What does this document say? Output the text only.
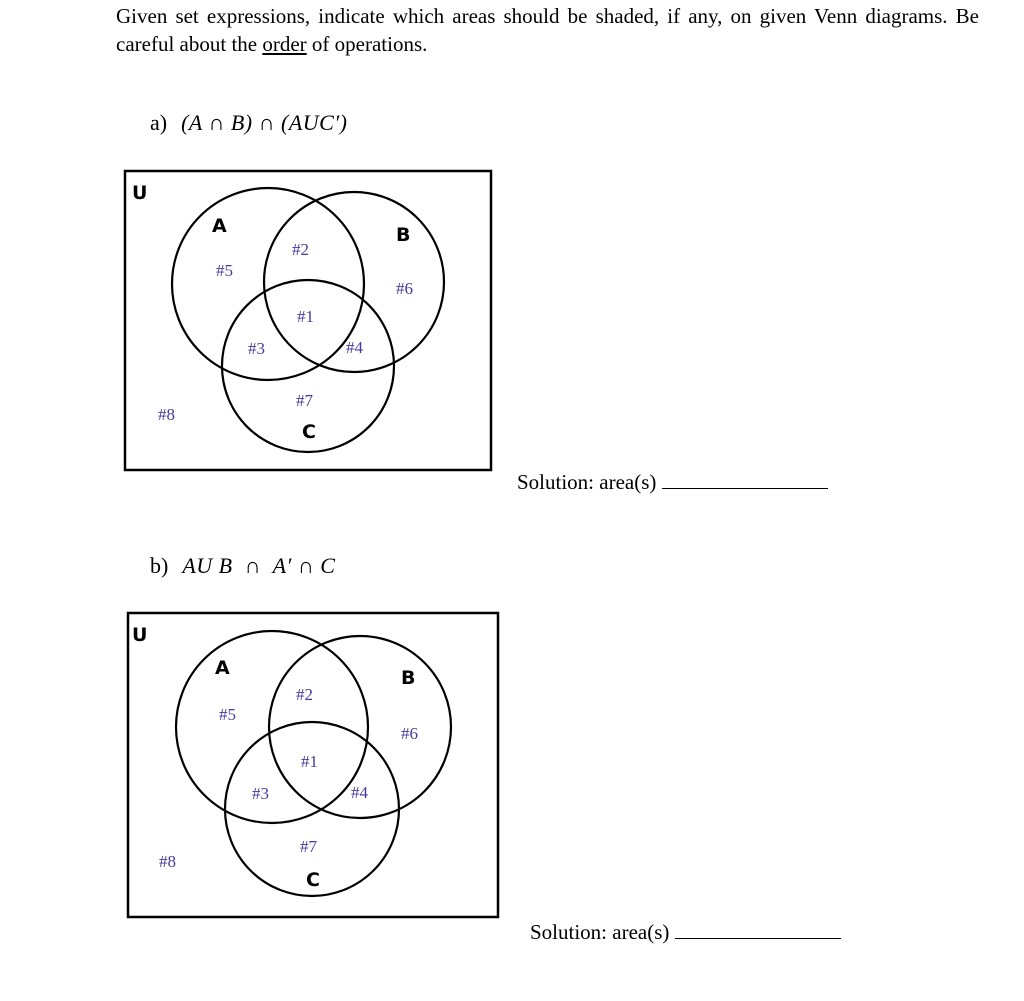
Given set expressions, indicate which areas should be shaded, if any, on given Venn diagrams. Be careful about the order of operations.
a) (A ∩ B) ∩ (AUC′)
U
A	B
C
#2
#5
#6
#1
#3	#4
#7
#8
Solution: area(s)
b) AU B  ∩  A′ ∩ C
U
A	B
C
#2
#5
#6
#1
#3	#4
#7
#8
Solution: area(s)
